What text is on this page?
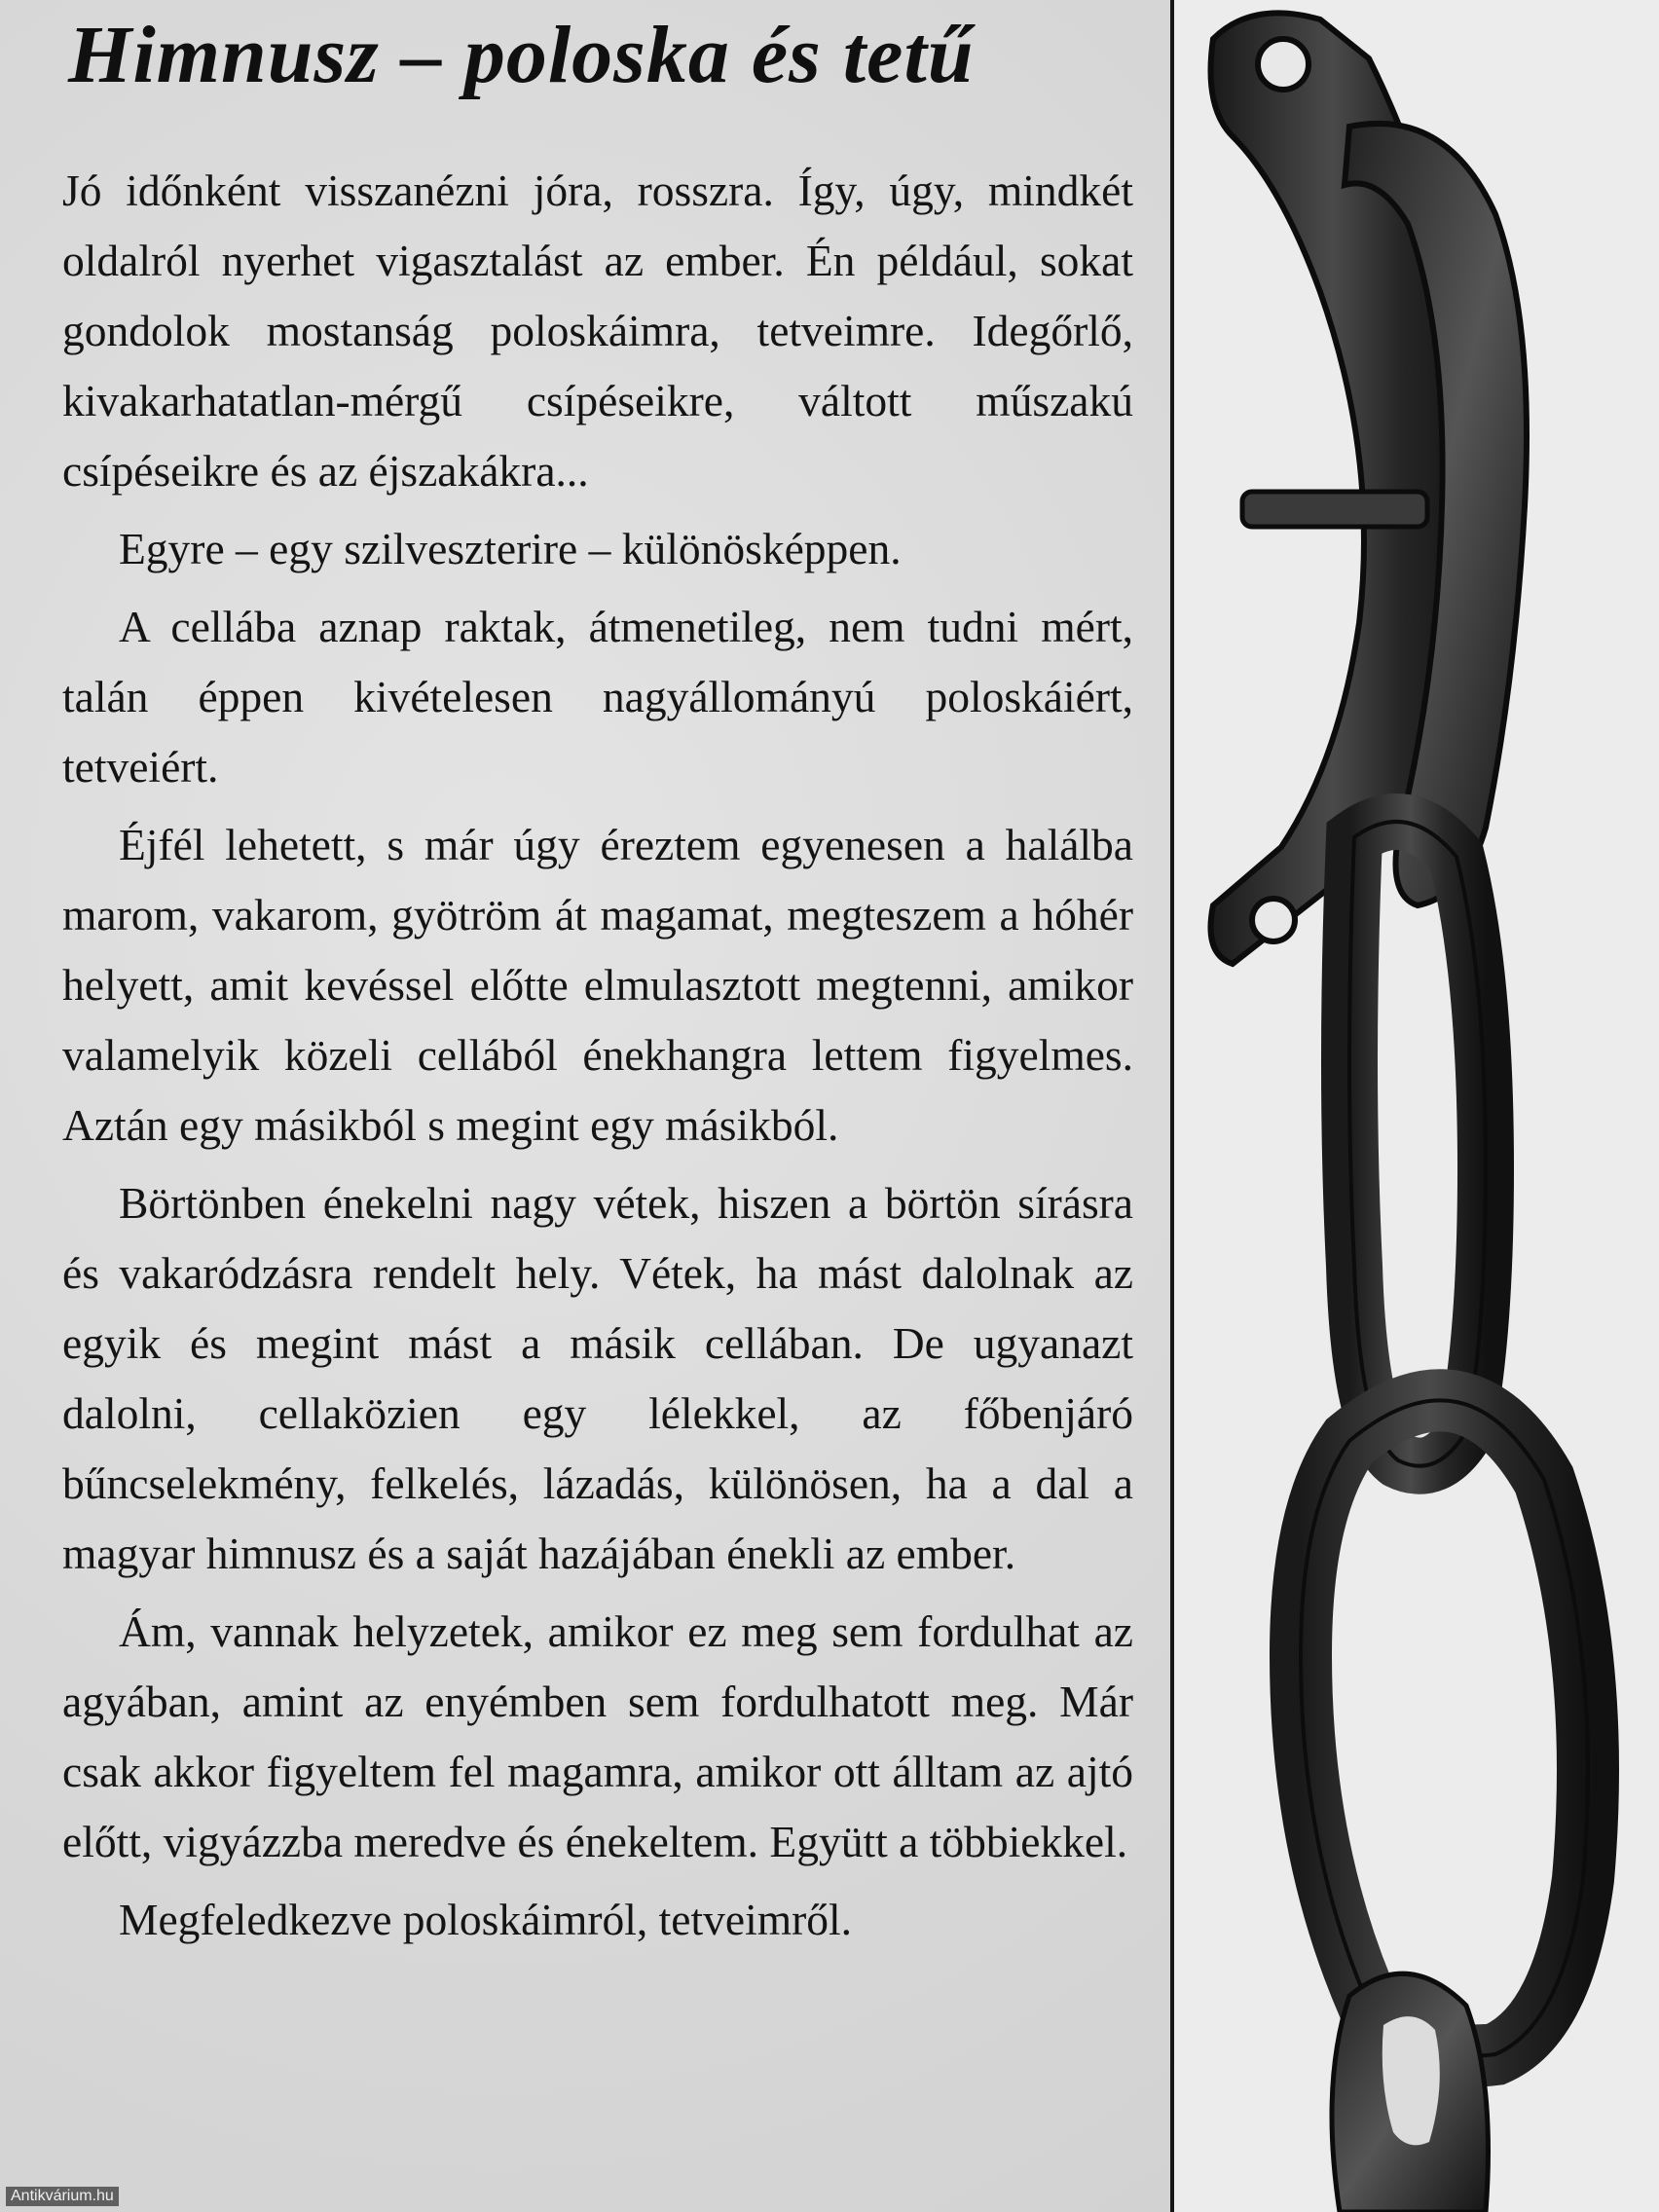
Himnusz – poloska és tetű

Jó időnként visszanézni jóra, rosszra. Így, úgy, mindkét oldalról nyerhet vigasztalást az ember. Én például, sokat gondolok mostanság poloskáimra, tetveimre. Idegőrlő, kivakarhatatlan-mérgű csípéseikre, váltott műszakú csípéseikre és az éjszakákra...

Egyre – egy szilveszterire – különösképpen.

A cellába aznap raktak, átmenetileg, nem tudni mért, talán éppen kivételesen nagyállományú poloskáiért, tetveiért.

Éjfél lehetett, s már úgy éreztem egyenesen a halálba marom, vakarom, gyötröm át magamat, megteszem a hóhér helyett, amit kevéssel előtte elmulasztott megtenni, amikor valamelyik közeli cellából énekhangra lettem figyelmes. Aztán egy másikból s megint egy másikból.

Börtönben énekelni nagy vétek, hiszen a börtön sírásra és vakaródzásra rendelt hely. Vétek, ha mást dalolnak az egyik és megint mást a másik cellában. De ugyanazt dalolni, cellaközien egy lélekkel, az főbenjáró bűncselekmény, felkelés, lázadás, különösen, ha a dal a magyar himnusz és a saját hazájában énekli az ember.

Ám, vannak helyzetek, amikor ez meg sem fordulhat az agyában, amint az enyémben sem fordulhatott meg. Már csak akkor figyeltem fel magamra, amikor ott álltam az ajtó előtt, vigyázzba meredve és énekeltem. Együtt a többiekkel.

Megfeledkezve poloskáimról, tetveimről.

Antikvárium.hu
